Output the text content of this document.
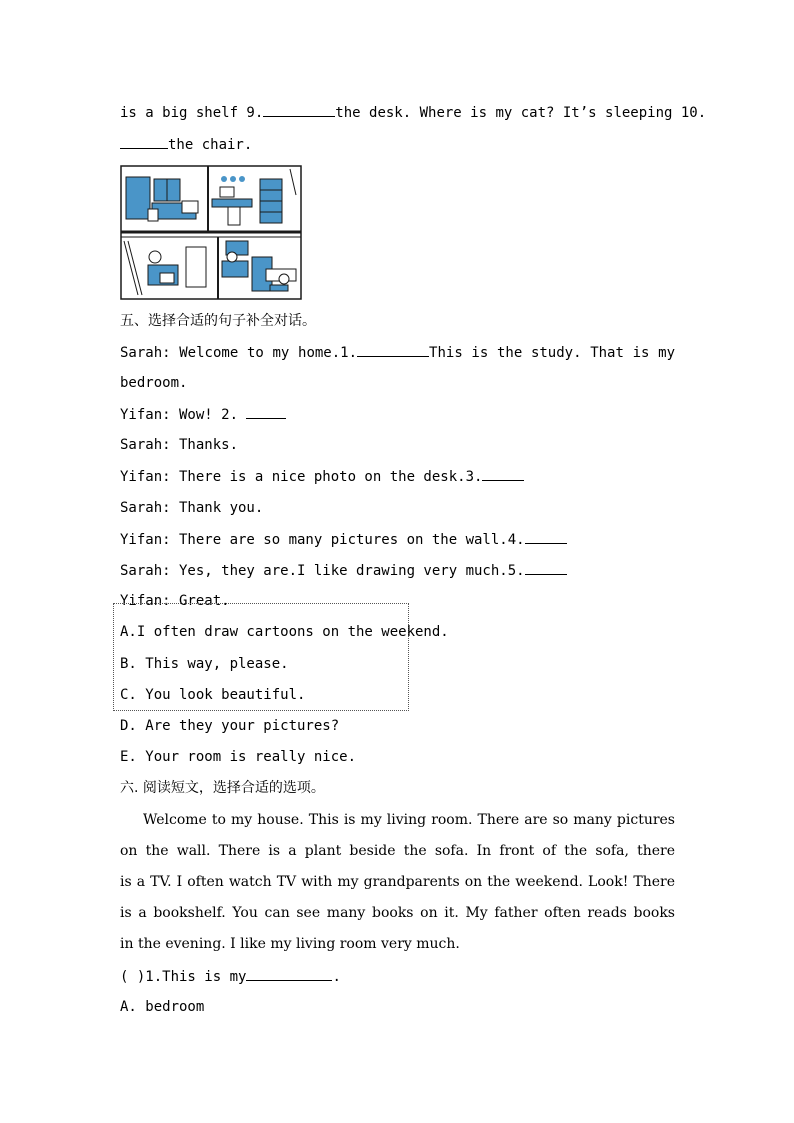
is a big shelf 9.	the desk. Where is my cat? It’s sleeping 10.
the chair.
五、选择合适的句子补全对话。
Sarah: Welcome to my home.1.	This is the study. That is my
bedroom.
Yifan: Wow! 2.
Sarah: Thanks.
Yifan: There is a nice photo on the desk.3.
Sarah: Thank you.
Yifan: There are so many pictures on the wall.4.
Sarah: Yes, they are.I like drawing very much.5.
Yifan: Great.
A.I often draw cartoons on the weekend.
B. This way, please.
C. You look beautiful.
D. Are they your pictures?
E. Your room is really nice.
六. 阅读短文，选择合适的选项。
Welcome to my house. This is my living room. There are so many pictures
on the wall. There is a plant beside the sofa. In front of the sofa, there
is a TV. I often watch TV with my grandparents on the weekend. Look! There
is a bookshelf. You can see many books on it. My father often reads books
in the evening. I like my living room very much.
( )1.This is my	.
A. bedroom
